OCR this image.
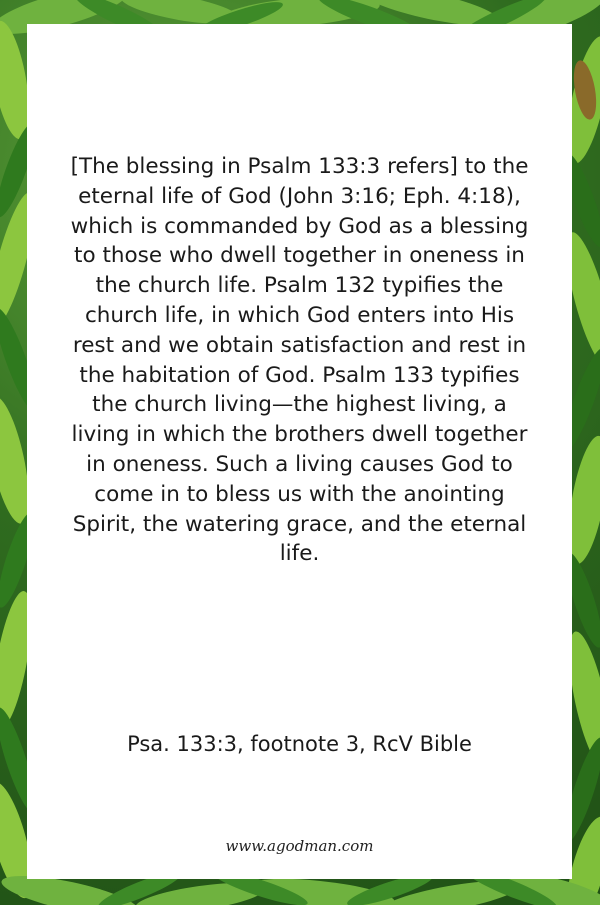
[The blessing in Psalm 133:3 refers] to the eternal life of God (John 3:16; Eph. 4:18), which is commanded by God as a blessing to those who dwell together in oneness in the church life. Psalm 132 typifies the church life, in which God enters into His rest and we obtain satisfaction and rest in the habitation of God. Psalm 133 typifies the church living—the highest living, a living in which the brothers dwell together in oneness. Such a living causes God to come in to bless us with the anointing Spirit, the watering grace, and the eternal life.

Psa. 133:3, footnote 3, RcV Bible

www.agodman.com
